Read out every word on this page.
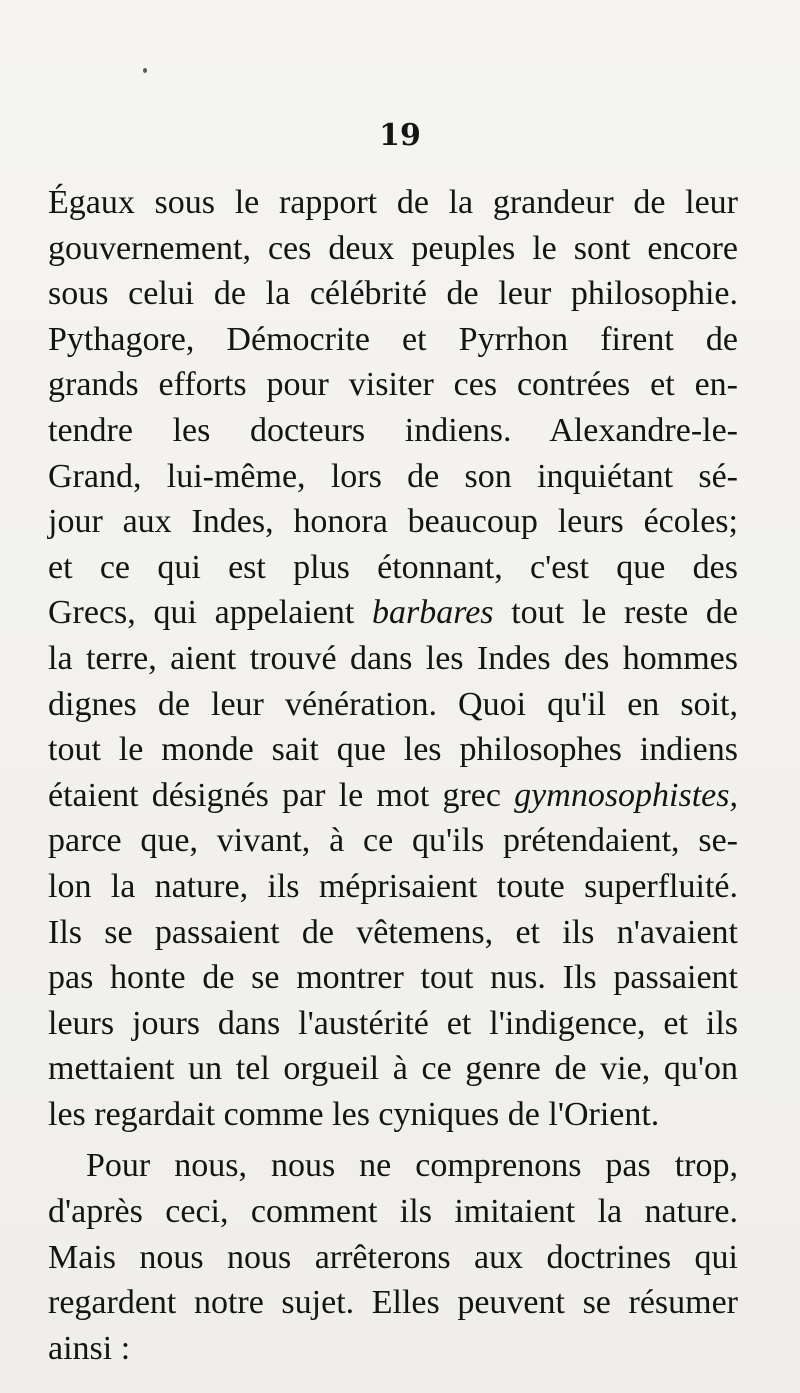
19
Égaux sous le rapport de la grandeur de leur
gouvernement, ces deux peuples le sont encore
sous celui de la célébrité de leur philosophie.
Pythagore, Démocrite et Pyrrhon firent de
grands efforts pour visiter ces contrées et en-
tendre les docteurs indiens. Alexandre-le-
Grand, lui-même, lors de son inquiétant sé-
jour aux Indes, honora beaucoup leurs écoles;
et ce qui est plus étonnant, c'est que des
Grecs, qui appelaient barbares tout le reste de
la terre, aient trouvé dans les Indes des hommes
dignes de leur vénération. Quoi qu'il en soit,
tout le monde sait que les philosophes indiens
étaient désignés par le mot grec gymnosophistes,
parce que, vivant, à ce qu'ils prétendaient, se-
lon la nature, ils méprisaient toute superfluité.
Ils se passaient de vêtemens, et ils n'avaient
pas honte de se montrer tout nus. Ils passaient
leurs jours dans l'austérité et l'indigence, et ils
mettaient un tel orgueil à ce genre de vie, qu'on
les regardait comme les cyniques de l'Orient.
Pour nous, nous ne comprenons pas trop,
d'après ceci, comment ils imitaient la nature.
Mais nous nous arrêterons aux doctrines qui
regardent notre sujet. Elles peuvent se résumer
ainsi :
